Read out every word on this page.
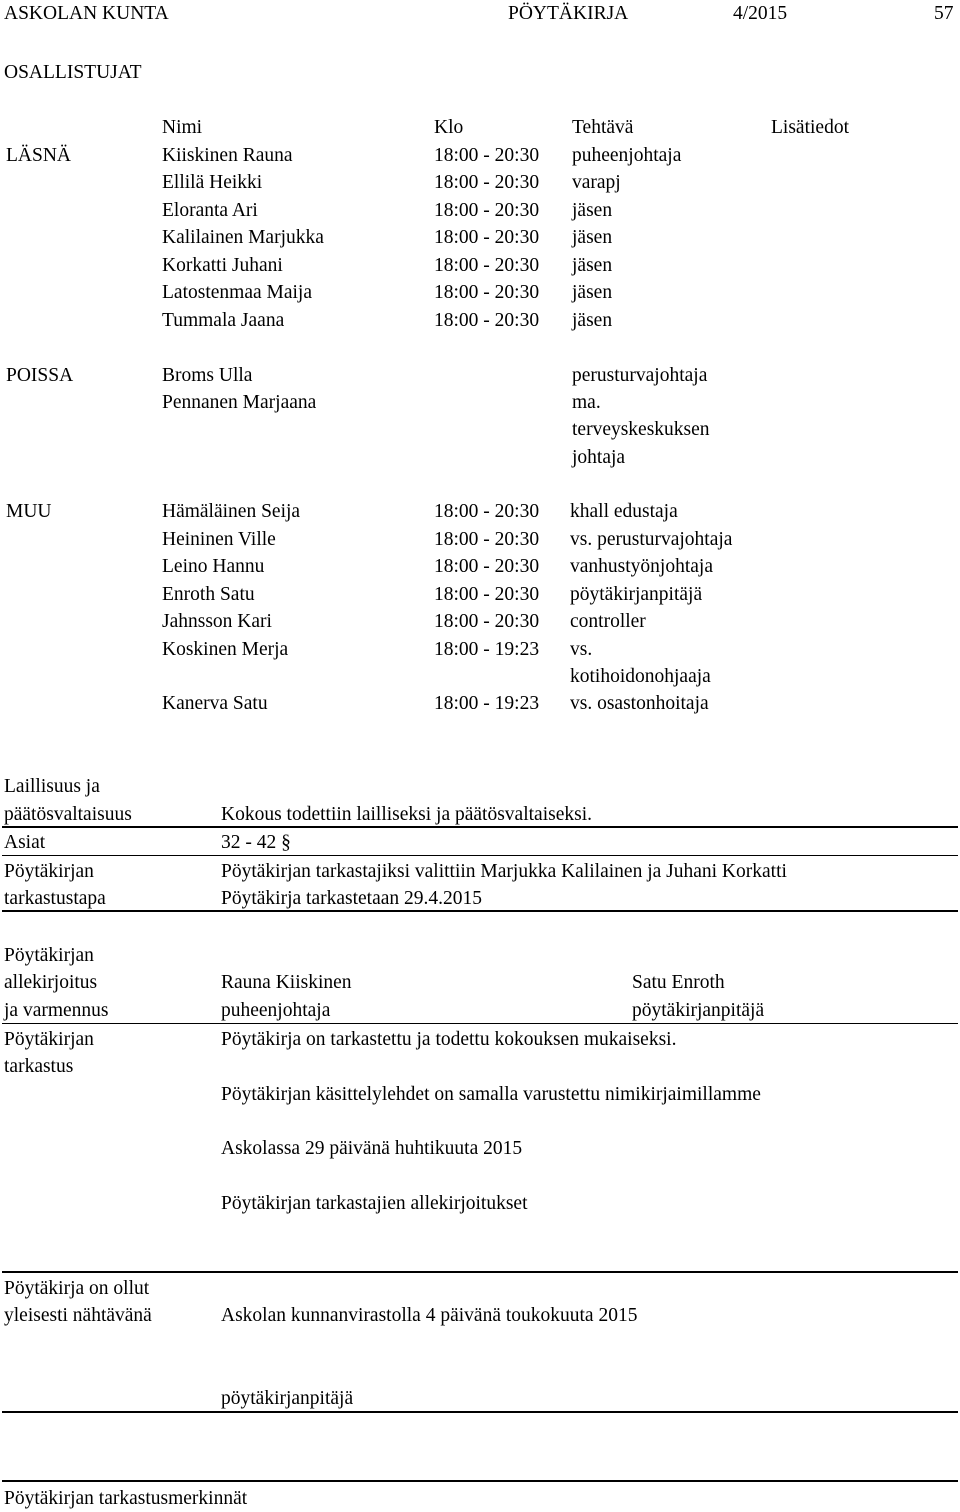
ASKOLAN KUNTA	PÖYTÄKIRJA	4/2015	57
OSALLISTUJAT
Nimi	Klo	Tehtävä	Lisätiedot
LÄSNÄ	Kiiskinen Rauna	18:00 - 20:30 puheenjohtaja
Ellilä Heikki	18:00 - 20:30 varapj
Eloranta Ari	18:00 - 20:30 jäsen
Kalilainen Marjukka	18:00 - 20:30 jäsen
Korkatti Juhani	18:00 - 20:30 jäsen
Latostenmaa Maija	18:00 - 20:30 jäsen
Tummala Jaana	18:00 - 20:30 jäsen
POISSA	Broms Ulla	perusturvajohtaja
Pennanen Marjaana	ma.
terveyskeskuksen
johtaja
MUU	Hämäläinen Seija	18:00 - 20:30 khall edustaja
Heininen Ville	18:00 - 20:30 vs. perusturvajohtaja
Leino Hannu	18:00 - 20:30 vanhustyönjohtaja
Enroth Satu	18:00 - 20:30 pöytäkirjanpitäjä
Jahnsson Kari	18:00 - 20:30 controller
Koskinen Merja	18:00 - 19:23 vs.
kotihoidonohjaaja
Kanerva Satu	18:00 - 19:23 vs. osastonhoitaja
Laillisuus ja
päätösvaltaisuus	Kokous todettiin lailliseksi ja päätösvaltaiseksi.
Asiat	32 - 42 §
Pöytäkirjan	Pöytäkirjan tarkastajiksi valittiin Marjukka Kalilainen ja Juhani Korkatti
tarkastustapa	Pöytäkirja tarkastetaan 29.4.2015
Pöytäkirjan
allekirjoitus	Rauna Kiiskinen	Satu Enroth
ja varmennus	puheenjohtaja	pöytäkirjanpitäjä
Pöytäkirjan	Pöytäkirja on tarkastettu ja todettu kokouksen mukaiseksi.
tarkastus
Pöytäkirjan käsittelylehdet on samalla varustettu nimikirjaimillamme
Askolassa 29 päivänä huhtikuuta 2015
Pöytäkirjan tarkastajien allekirjoitukset
Pöytäkirja on ollut
yleisesti nähtävänä	Askolan kunnanvirastolla 4 päivänä toukokuuta 2015
pöytäkirjanpitäjä
Pöytäkirjan tarkastusmerkinnät
